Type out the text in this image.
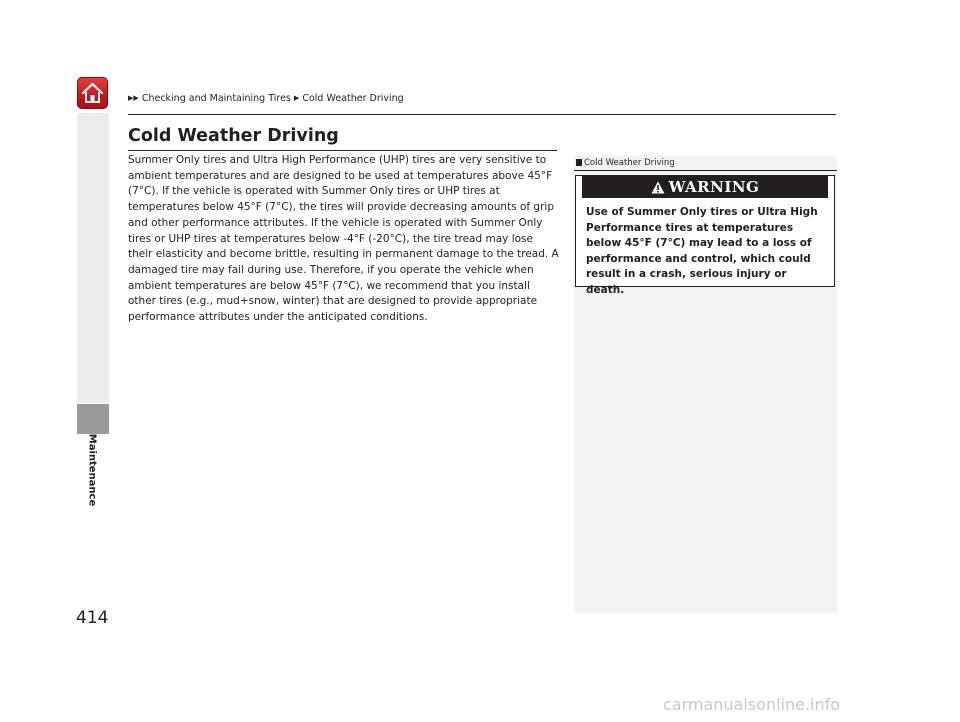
▶▶ Checking and Maintaining Tires ▶ Cold Weather Driving
Maintenance
Cold Weather Driving
Summer Only tires and Ultra High Performance (UHP) tires are very sensitive to ambient temperatures and are designed to be used at temperatures above 45°F (7°C). If the vehicle is operated with Summer Only tires or UHP tires at temperatures below 45°F (7°C), the tires will provide decreasing amounts of grip and other performance attributes. If the vehicle is operated with Summer Only tires or UHP tires at temperatures below -4°F (-20°C), the tire tread may lose their elasticity and become brittle, resulting in permanent damage to the tread. A damaged tire may fail during use. Therefore, if you operate the vehicle when ambient temperatures are below 45°F (7°C), we recommend that you install other tires (e.g., mud+snow, winter) that are designed to provide appropriate performance attributes under the anticipated conditions.
Cold Weather Driving
WARNING
Use of Summer Only tires or Ultra High Performance tires at temperatures below 45°F (7°C) may lead to a loss of performance and control, which could result in a crash, serious injury or death.
414
carmanualsonline.info
